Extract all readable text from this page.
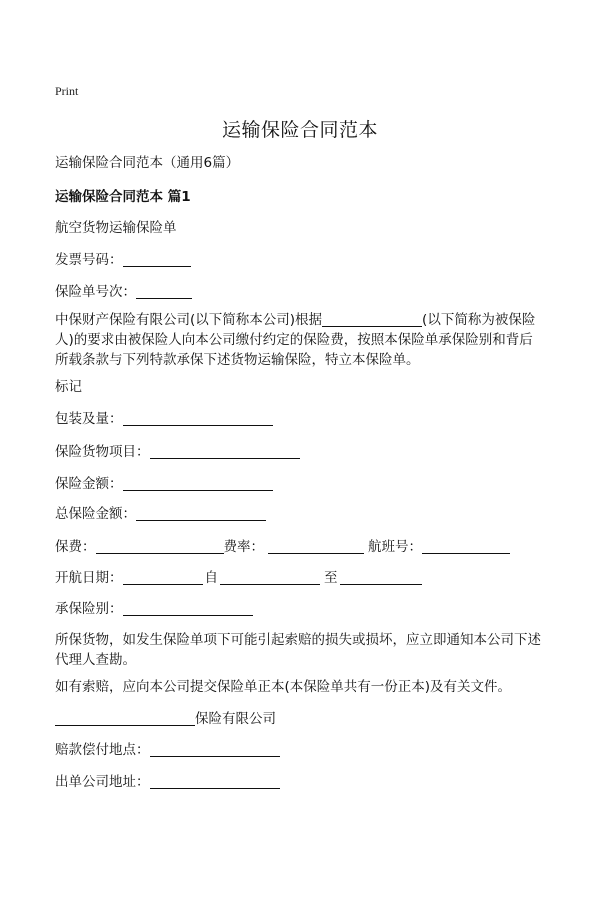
Print
运输保险合同范本
运输保险合同范本（通用6篇）
运输保险合同范本 篇1
航空货物运输保险单
发票号码：
保险单号次：
中保财产保险有限公司(以下简称本公司)根据	(以下简称为被保险人)的要求由被保险人向本公司缴付约定的保险费，按照本保险单承保险别和背后所载条款与下列特款承保下述货物运输保险，特立本保险单。
标记
包装及量：
保险货物项目：
保险金额：
总保险金额：
保费：	费率：	航班号：
开航日期：	自	至
承保险别：
所保货物，如发生保险单项下可能引起索赔的损失或损坏，应立即通知本公司下述代理人查勘。
如有索赔，应向本公司提交保险单正本(本保险单共有一份正本)及有关文件。
保险有限公司
赔款偿付地点：
出单公司地址：
